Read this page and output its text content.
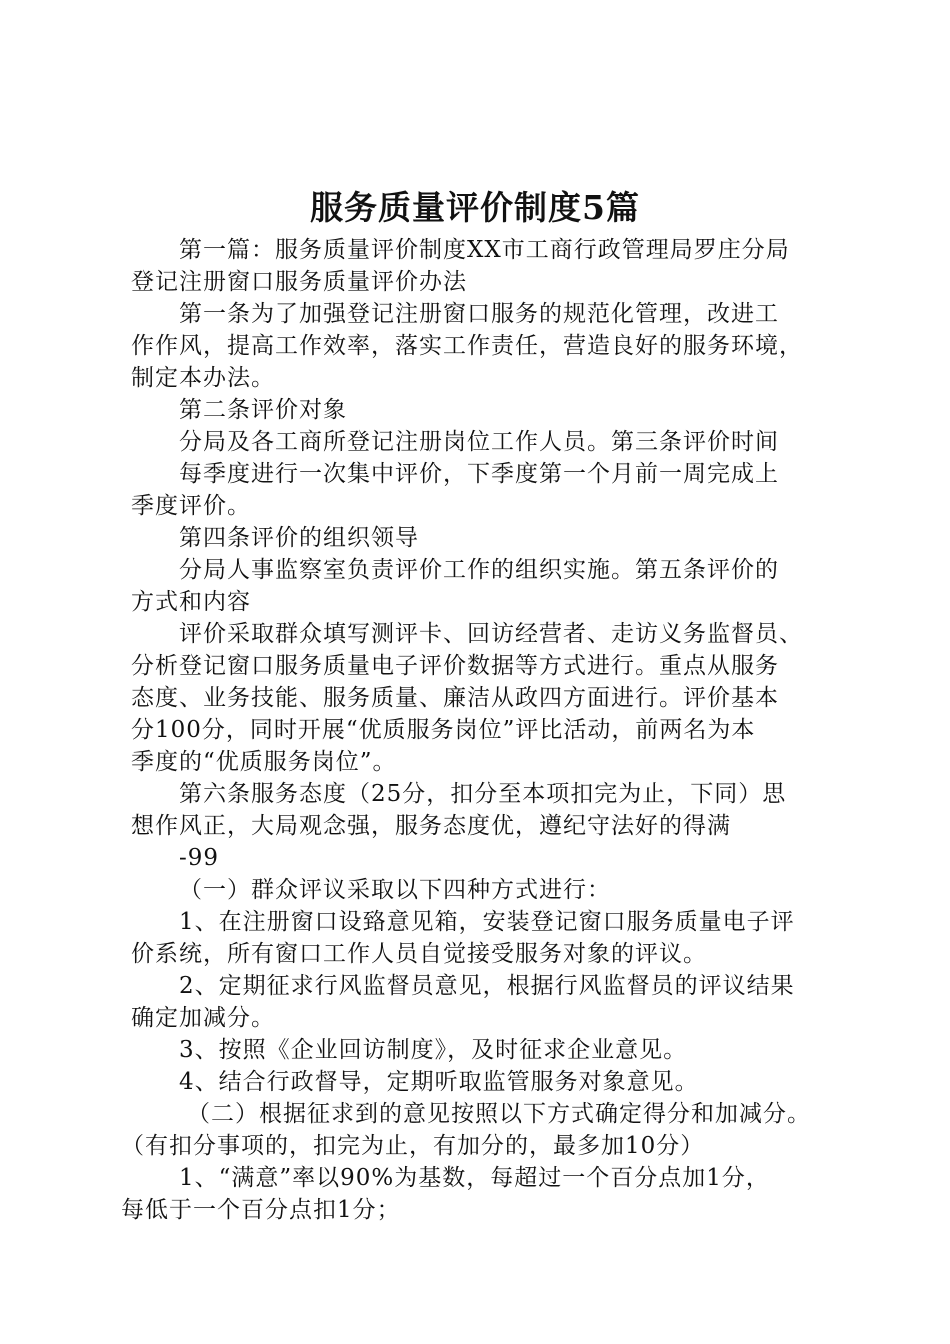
服务质量评价制度5篇

第一篇：服务质量评价制度XX市工商行政管理局罗庄分局

登记注册窗口服务质量评价办法

第一条为了加强登记注册窗口服务的规范化管理，改进工

作作风，提高工作效率，落实工作责任，营造良好的服务环境，

制定本办法。

第二条评价对象

分局及各工商所登记注册岗位工作人员。第三条评价时间

每季度进行一次集中评价，下季度第一个月前一周完成上

季度评价。

第四条评价的组织领导

分局人事监察室负责评价工作的组织实施。第五条评价的

方式和内容

评价采取群众填写测评卡、回访经营者、走访义务监督员、

分析登记窗口服务质量电子评价数据等方式进行。重点从服务

态度、业务技能、服务质量、廉洁从政四方面进行。评价基本

分100分，同时开展“优质服务岗位”评比活动，前两名为本

季度的“优质服务岗位”。

第六条服务态度（25分，扣分至本项扣完为止，下同）思

想作风正，大局观念强，服务态度优，遵纪守法好的得满

-99

（一）群众评议采取以下四种方式进行：

1、在注册窗口设臵意见箱，安装登记窗口服务质量电子评

价系统，所有窗口工作人员自觉接受服务对象的评议。

2、定期征求行风监督员意见，根据行风监督员的评议结果

确定加减分。

3、按照《企业回访制度》，及时征求企业意见。

4、结合行政督导，定期听取监管服务对象意见。

（二）根据征求到的意见按照以下方式确定得分和加减分。

（有扣分事项的，扣完为止，有加分的，最多加10分）

1、“满意”率以90%为基数，每超过一个百分点加1分，

每低于一个百分点扣1分；
